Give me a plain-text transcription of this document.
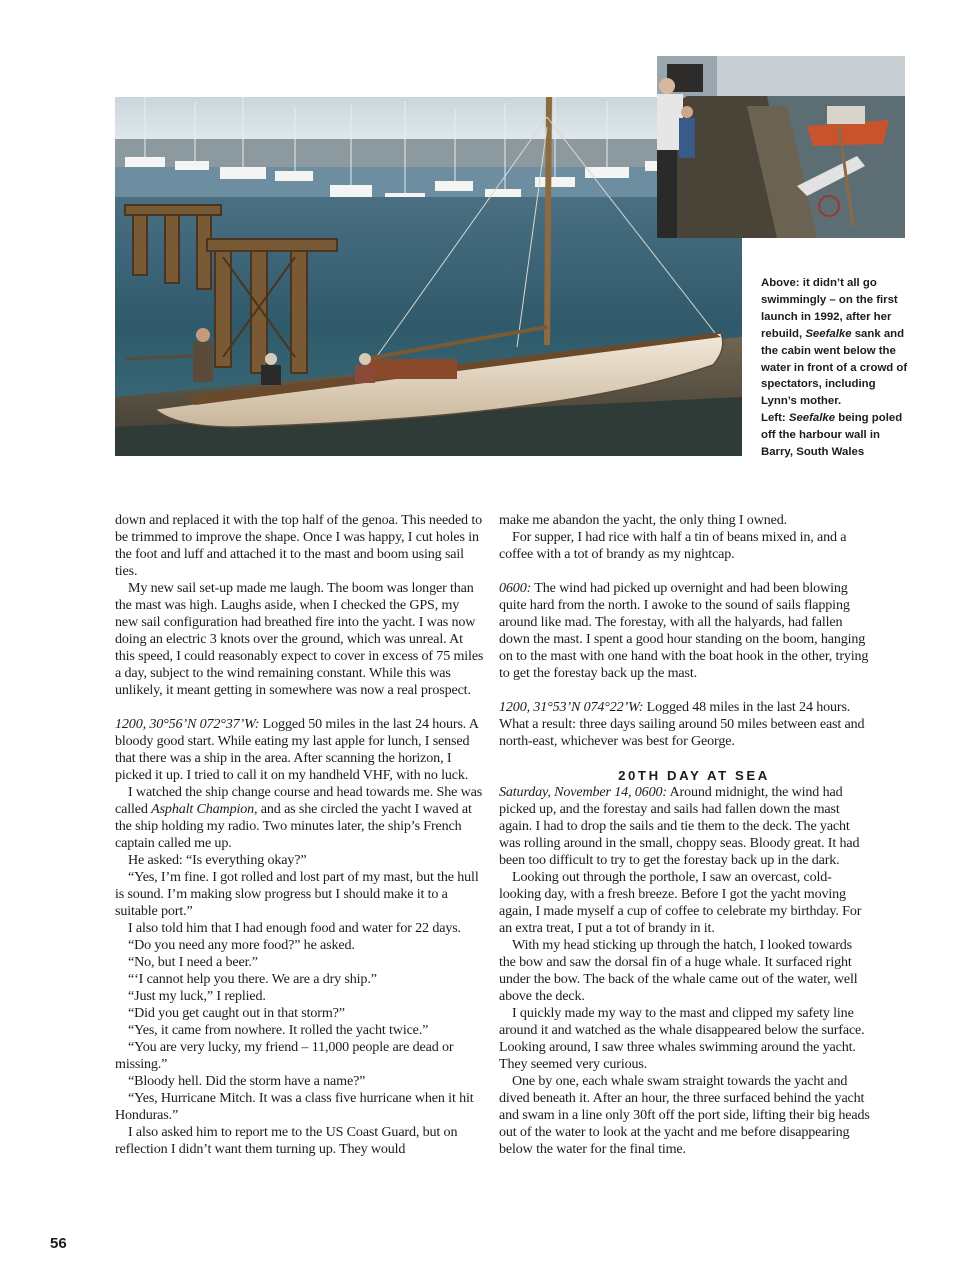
Above: it didn’t all go swimmingly – on the first launch in 1992, after her rebuild, Seefalke sank and the cabin went below the water in front of a crowd of spectators, including Lynn’s mother.

Left: Seefalke being poled off the harbour wall in Barry, South Wales

down and replaced it with the top half of the genoa. This needed to be trimmed to improve the shape. Once I was happy, I cut holes in the foot and luff and attached it to the mast and boom using sail ties.

My new sail set-up made me laugh. The boom was longer than the mast was high. Laughs aside, when I checked the GPS, my new sail configuration had breathed fire into the yacht. I was now doing an electric 3 knots over the ground, which was unreal. At this speed, I could reasonably expect to cover in excess of 75 miles a day, subject to the wind remaining constant. While this was unlikely, it meant getting in somewhere was now a real prospect.

1200, 30°56’N 072°37’W: Logged 50 miles in the last 24 hours. A bloody good start. While eating my last apple for lunch, I sensed that there was a ship in the area. After scanning the horizon, I picked it up. I tried to call it on my handheld VHF, with no luck.

I watched the ship change course and head towards me. She was called Asphalt Champion, and as she circled the yacht I waved at the ship holding my radio. Two minutes later, the ship’s French captain called me up.

He asked: “Is everything okay?”

“Yes, I’m fine. I got rolled and lost part of my mast, but the hull is sound. I’m making slow progress but I should make it to a suitable port.”

I also told him that I had enough food and water for 22 days.

“Do you need any more food?” he asked.

“No, but I need a beer.”

“‘I cannot help you there. We are a dry ship.”

“Just my luck,” I replied.

“Did you get caught out in that storm?”

“Yes, it came from nowhere. It rolled the yacht twice.”

“You are very lucky, my friend – 11,000 people are dead or missing.”

“Bloody hell. Did the storm have a name?”

“Yes, Hurricane Mitch. It was a class five hurricane when it hit Honduras.”

I also asked him to report me to the US Coast Guard, but on reflection I didn’t want them turning up. They would

make me abandon the yacht, the only thing I owned.

For supper, I had rice with half a tin of beans mixed in, and a coffee with a tot of brandy as my nightcap.

0600: The wind had picked up overnight and had been blowing quite hard from the north. I awoke to the sound of sails flapping around like mad. The forestay, with all the halyards, had fallen down the mast. I spent a good hour standing on the boom, hanging on to the mast with one hand with the boat hook in the other, trying to get the forestay back up the mast.

1200, 31°53’N 074°22’W: Logged 48 miles in the last 24 hours. What a result: three days sailing around 50 miles between east and north-east, whichever was best for George.

20TH DAY AT SEA

Saturday, November 14, 0600: Around midnight, the wind had picked up, and the forestay and sails had fallen down the mast again. I had to drop the sails and tie them to the deck. The yacht was rolling around in the small, choppy seas. Bloody great. It had been too difficult to try to get the forestay back up in the dark.

Looking out through the porthole, I saw an overcast, cold-looking day, with a fresh breeze. Before I got the yacht moving again, I made myself a cup of coffee to celebrate my birthday. For an extra treat, I put a tot of brandy in it.

With my head sticking up through the hatch, I looked towards the bow and saw the dorsal fin of a huge whale. It surfaced right under the bow. The back of the whale came out of the water, well above the deck.

I quickly made my way to the mast and clipped my safety line around it and watched as the whale disappeared below the surface. Looking around, I saw three whales swimming around the yacht. They seemed very curious.

One by one, each whale swam straight towards the yacht and dived beneath it. After an hour, the three surfaced behind the yacht and swam in a line only 30ft off the port side, lifting their big heads out of the water to look at the yacht and me before disappearing below the water for the final time.

56
